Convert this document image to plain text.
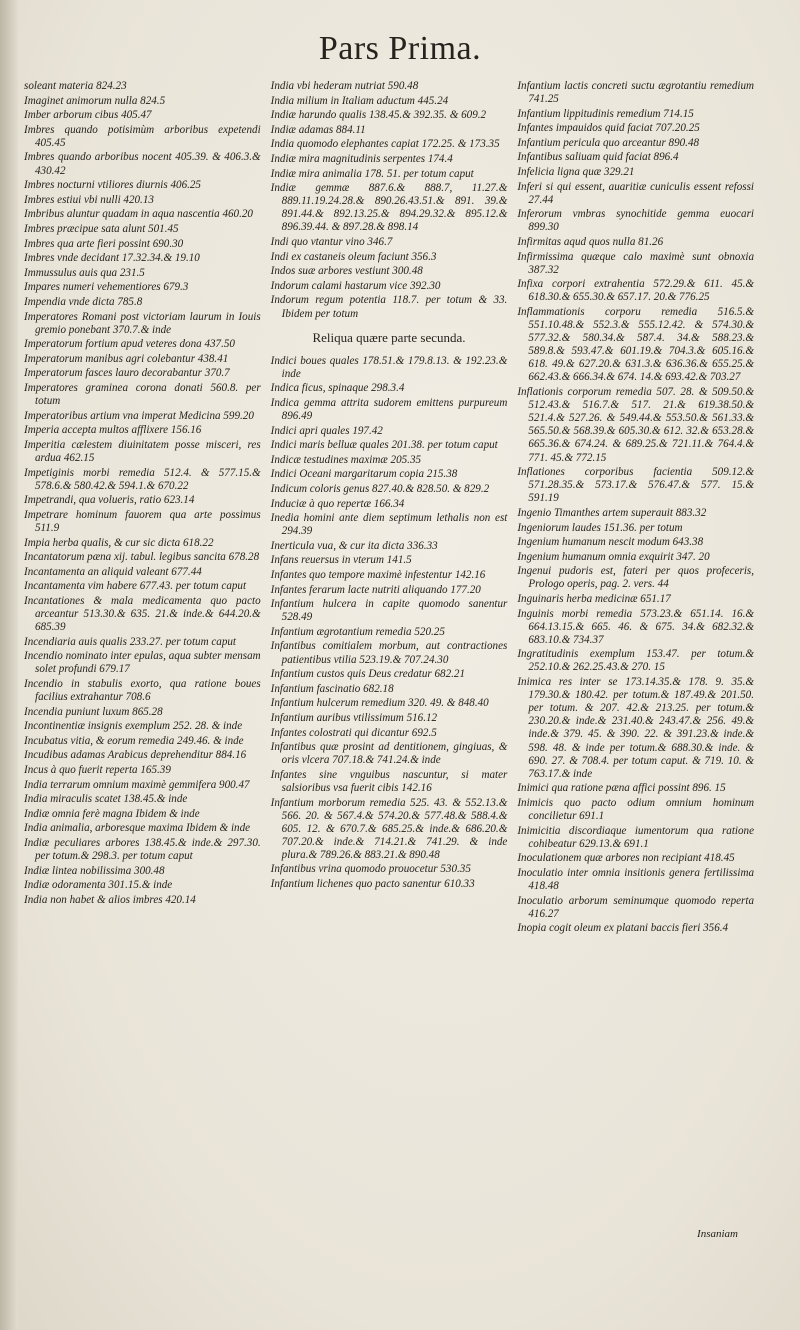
Pars Prima.
soleant materia 824.23
Imaginet animorum nulla 824.5
Imber arborum cibus 405.47
Imbres quando potisimùm arboribus expetendi 405.45
Imbres quando arboribus nocent 405.39. & 406.3.& 430.42
Imbres nocturni vtiliores diurnis 406.25
Imbres estiui vbi nulli 420.13
Imbribus aluntur quadam in aqua nascentia 460.20
Imbres præcipue sata alunt 501.45
Imbres qua arte fieri possint 690.30
Imbres vnde decidant 17.32.34.& 19.10
Immussulus auis qua 231.5
Impares numeri vehementiores 679.3
Impendia vnde dicta 785.8
Imperatores Romani post victoriam laurum in Iouis gremio ponebant 370.7.& inde
Imperatorum fortium apud veteres dona 437.50
Imperatorum manibus agri colebantur 438.41
Imperatorum fasces lauro decorabantur 370.7
Imperatores graminea corona donati 560.8. per totum
Imperatoribus artium vna imperat Medicina 599.20
Imperia accepta multos afflixere 156.16
Imperitia cælestem diuinitatem posse misceri, res ardua 462.15
Impetiginis morbi remedia 512.4. & 577.15.& 578.6.& 580.42.& 594.1.& 670.22
Impetrandi, qua volueris, ratio 623.14
Impetrare hominum fauorem qua arte possimus 511.9
Impia herba qualis, & cur sic dicta 618.22
Incantatorum pæna xij. tabul. legibus sancita 678.28
Incantamenta an aliquid valeant 677.44
Incantamenta vim habere 677.43. per totum caput
Incantationes & mala medicamenta quo pacto arceantur 513.30.& 635. 21.& inde.& 644.20.& 685.39
Incendiaria auis qualis 233.27. per totum caput
Incendio nominato inter epulas, aqua subter mensam solet profundi 679.17
Incendio in stabulis exorto, qua ratione boues facilius extrahantur 708.6
Incendia puniunt luxum 865.28
Incontinentiæ insignis exemplum 252. 28. & inde
Incubatus vitia, & eorum remedia 249.46. & inde
Incudibus adamas Arabicus deprehenditur 884.16
Incus à quo fuerit reperta 165.39
India terrarum omnium maximè gemmifera 900.47
India miraculis scatet 138.45.& inde
Indiæ omnia ferè magna Ibidem & inde
India animalia, arboresque maxima Ibidem & inde
Indiæ peculiares arbores 138.45.& inde.& 297.30. per totum.& 298.3. per totum caput
Indiæ lintea nobilissima 300.48
Indiæ odoramenta 301.15.& inde
India non habet & alios imbres 420.14
India vbi hederam nutriat 590.48
India milium in Italiam aductum 445.24
Indiæ harundo qualis 138.45.& 392.35. & 609.2
Indiæ adamas 884.11
India quomodo elephantes capiat 172.25. & 173.35
Indiæ mira magnitudinis serpentes 174.4
Indiæ mira animalia 178. 51. per totum caput
Indiæ gemmæ 887.6.& 888.7, 11.27.& 889.11.19.24.28.& 890.26.43.51.& 891. 39.& 891.44.& 892.13.25.& 894.29.32.& 895.12.& 896.39.44. & 897.28.& 898.14
Indi quo vtantur vino 346.7
Indi ex castaneis oleum faciunt 356.3
Indos suæ arbores vestiunt 300.48
Indorum calami hastarum vice 392.30
Indorum regum potentia 118.7. per totum & 33. Ibidem per totum
Reliqua quære parte secunda.
Indici boues quales 178.51.& 179.8.13. & 192.23.& inde
Indica ficus, spinaque 298.3.4
Indica gemma attrita sudorem emittens purpureum 896.49
Indici apri quales 197.42
Indici maris belluæ quales 201.38. per totum caput
Indicæ testudines maximæ 205.35
Indici Oceani margaritarum copia 215.38
Indicum coloris genus 827.40.& 828.50. & 829.2
Induciæ à quo repertæ 166.34
Inedia homini ante diem septimum lethalis non est 294.39
Inerticula vua, & cur ita dicta 336.33
Infans reuersus in vterum 141.5
Infantes quo tempore maximè infestentur 142.16
Infantes ferarum lacte nutriti aliquando 177.20
Infantium hulcera in capite quomodo sanentur 528.49
Infantium ægrotantium remedia 520.25
Infantibus comitialem morbum, aut contractiones patientibus vtilia 523.19.& 707.24.30
Infantium custos quis Deus credatur 682.21
Infantium fascinatio 682.18
Infantium hulcerum remedium 320. 49. & 848.40
Infantium auribus vtilissimum 516.12
Infantes colostrati qui dicantur 692.5
Infantibus quæ prosint ad dentitionem, gingiuas, & oris vlcera 707.18.& 741.24.& inde
Infantes sine vnguibus nascuntur, si mater salsioribus vsa fuerit cibis 142.16
Infantium morborum remedia 525. 43. & 552.13.& 566. 20. & 567.4.& 574.20.& 577.48.& 588.4.& 605. 12. & 670.7.& 685.25.& inde.& 686.20.& 707.20.& inde.& 714.21.& 741.29. & inde plura.& 789.26.& 883.21.& 890.48
Infantibus vrina quomodo prouocetur 530.35
Infantium lichenes quo pacto sanentur 610.33
Infantium lactis concreti suctu ægrotantiu remedium 741.25
Infantium lippitudinis remedium 714.15
Infantes impauidos quid faciat 707.20.25
Infantium pericula quo arceantur 890.48
Infantibus saliuam quid faciat 896.4
Infelicia ligna quæ 329.21
Inferi si qui essent, auaritiæ cuniculis essent refossi 27.44
Inferorum vmbras synochitide gemma euocari 899.30
Infirmitas aqud quos nulla 81.26
Infirmissima quæque calo maximè sunt obnoxia 387.32
Infixa corpori extrahentia 572.29.& 611. 45.& 618.30.& 655.30.& 657.17. 20.& 776.25
Inflammationis corporu remedia 516.5.& 551.10.48.& 552.3.& 555.12.42. & 574.30.& 577.32.& 580.34.& 587.4. 34.& 588.23.& 589.8.& 593.47.& 601.19.& 704.3.& 605.16.& 618. 49.& 627.20.& 631.3.& 636.36.& 655.25.& 662.43.& 666.34.& 674. 14.& 693.42.& 703.27
Inflationis corporum remedia 507. 28. & 509.50.& 512.43.& 516.7.& 517. 21.& 619.38.50.& 521.4.& 527.26. & 549.44.& 553.50.& 561.33.& 565.50.& 568.39.& 605.30.& 612. 32.& 653.28.& 665.36.& 674.24. & 689.25.& 721.11.& 764.4.& 771. 45.& 772.15
Inflationes corporibus facientia 509.12.& 571.28.35.& 573.17.& 576.47.& 577. 15.& 591.19
Ingenio Timanthes artem superauit 883.32
Ingeniorum laudes 151.36. per totum
Ingenium humanum nescit modum 643.38
Ingenium humanum omnia exquirit 347. 20
Ingenui pudoris est, fateri per quos profeceris, Prologo operis, pag. 2. vers. 44
Inguinaris herba medicinæ 651.17
Inguinis morbi remedia 573.23.& 651.14. 16.& 664.13.15.& 665. 46. & 675. 34.& 682.32.& 683.10.& 734.37
Ingratitudinis exemplum 153.47. per totum.& 252.10.& 262.25.43.& 270. 15
Inimica res inter se 173.14.35.& 178. 9. 35.& 179.30.& 180.42. per totum.& 187.49.& 201.50. per totum. & 207. 42.& 213.25. per totum.& 230.20.& inde.& 231.40.& 243.47.& 256. 49.& inde.& 379. 45. & 390. 22. & 391.23.& inde.& 598. 48. & inde per totum.& 688.30.& inde. & 690. 27. & 708.4. per totum caput. & 719. 10. & 763.17.& inde
Inimici qua ratione pæna affici possint 896. 15
Inimicis quo pacto odium omnium hominum concilietur 691.1
Inimicitia discordiaque iumentorum qua ratione cohibeatur 629.13.& 691.1
Inoculationem quæ arbores non recipiant 418.45
Inoculatio inter omnia insitionis genera fertilissima 418.48
Inoculatio arborum seminumque quomodo reperta 416.27
Inopia cogit oleum ex platani baccis fieri 356.4
Insaniam
